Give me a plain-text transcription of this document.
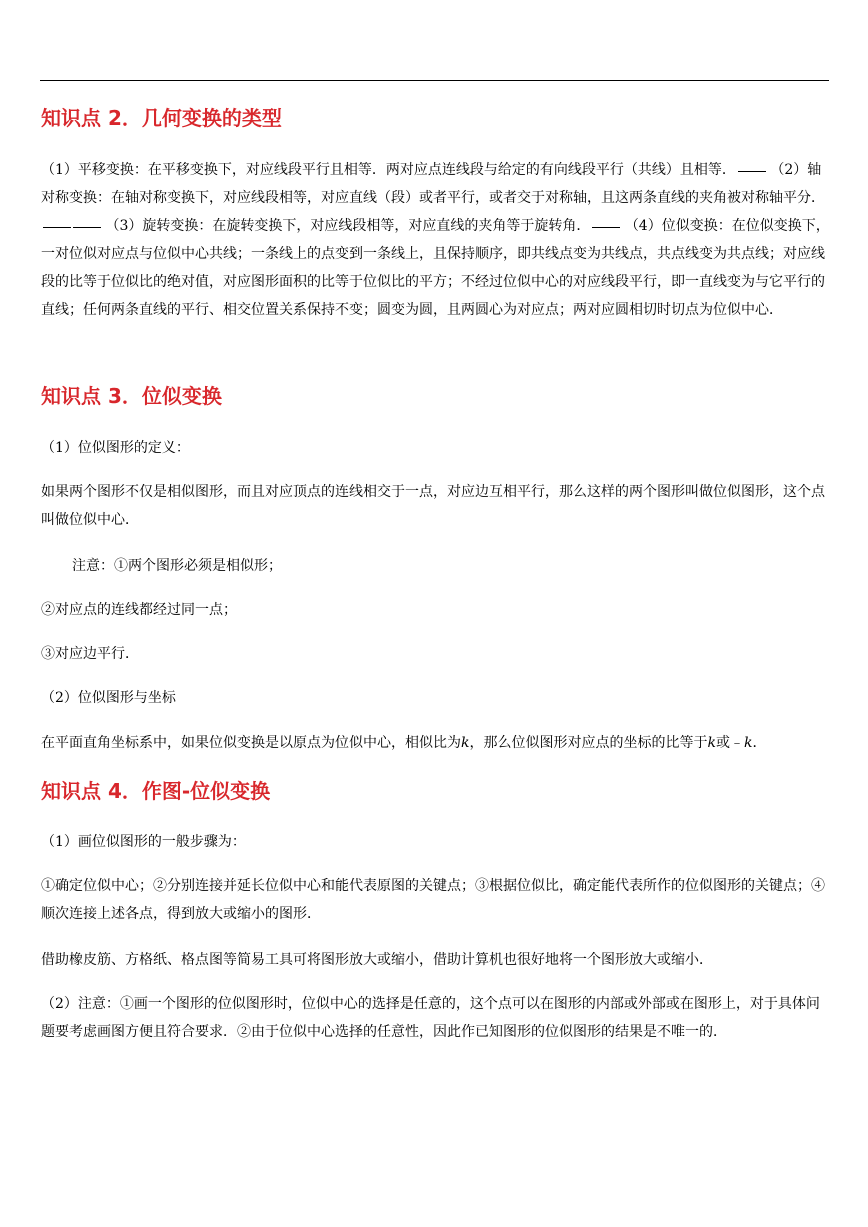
知识点 2．几何变换的类型
（1）平移变换：在平移变换下，对应线段平行且相等．两对应点连线段与给定的有向线段平行（共线）且相等． （2）轴对称变换：在轴对称变换下，对应线段相等，对应直线（段）或者平行，或者交于对称轴，且这两条直线的夹角被对称轴平分． （3）旋转变换：在旋转变换下，对应线段相等，对应直线的夹角等于旋转角． （4）位似变换：在位似变换下，一对位似对应点与位似中心共线；一条线上的点变到一条线上，且保持顺序，即共线点变为共线点，共点线变为共点线；对应线段的比等于位似比的绝对值，对应图形面积的比等于位似比的平方；不经过位似中心的对应线段平行，即一直线变为与它平行的直线；任何两条直线的平行、相交位置关系保持不变；圆变为圆，且两圆心为对应点；两对应圆相切时切点为位似中心．
知识点 3．位似变换
（1）位似图形的定义：
如果两个图形不仅是相似图形，而且对应顶点的连线相交于一点，对应边互相平行，那么这样的两个图形叫做位似图形，这个点叫做位似中心．
注意：①两个图形必须是相似形；
②对应点的连线都经过同一点；
③对应边平行．
（2）位似图形与坐标
在平面直角坐标系中，如果位似变换是以原点为位似中心，相似比为k，那么位似图形对应点的坐标的比等于k或﹣k．
知识点 4．作图-位似变换
（1）画位似图形的一般步骤为：
①确定位似中心；②分别连接并延长位似中心和能代表原图的关键点；③根据位似比，确定能代表所作的位似图形的关键点；④顺次连接上述各点，得到放大或缩小的图形．
借助橡皮筋、方格纸、格点图等简易工具可将图形放大或缩小，借助计算机也很好地将一个图形放大或缩小．
（2）注意：①画一个图形的位似图形时，位似中心的选择是任意的，这个点可以在图形的内部或外部或在图形上，对于具体问题要考虑画图方便且符合要求．②由于位似中心选择的任意性，因此作已知图形的位似图形的结果是不唯一的．
